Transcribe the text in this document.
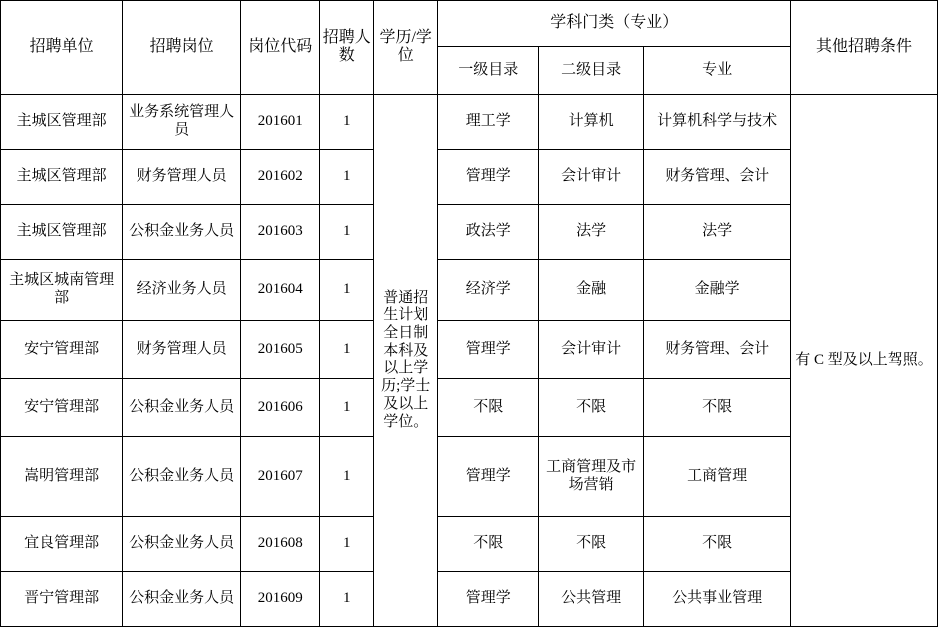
招聘单位	招聘岗位	岗位代码	招聘人数	学历/学位	学科门类（专业）			其他招聘条件
					一级目录	二级目录	专业	
主城区管理部	业务系统管理人员	201601	1	普通招生计划全日制本科及以上学历;学士及以上学位。	理工学	计算机	计算机科学与技术	有 C 型及以上驾照。
主城区管理部	财务管理人员	201602	1		管理学	会计审计	财务管理、会计	
主城区管理部	公积金业务人员	201603	1		政法学	法学	法学	
主城区城南管理部	经济业务人员	201604	1		经济学	金融	金融学	
安宁管理部	财务管理人员	201605	1		管理学	会计审计	财务管理、会计	
安宁管理部	公积金业务人员	201606	1		不限	不限	不限	
嵩明管理部	公积金业务人员	201607	1		管理学	工商管理及市场营销	工商管理	
宜良管理部	公积金业务人员	201608	1		不限	不限	不限	
晋宁管理部	公积金业务人员	201609	1		管理学	公共管理	公共事业管理	
